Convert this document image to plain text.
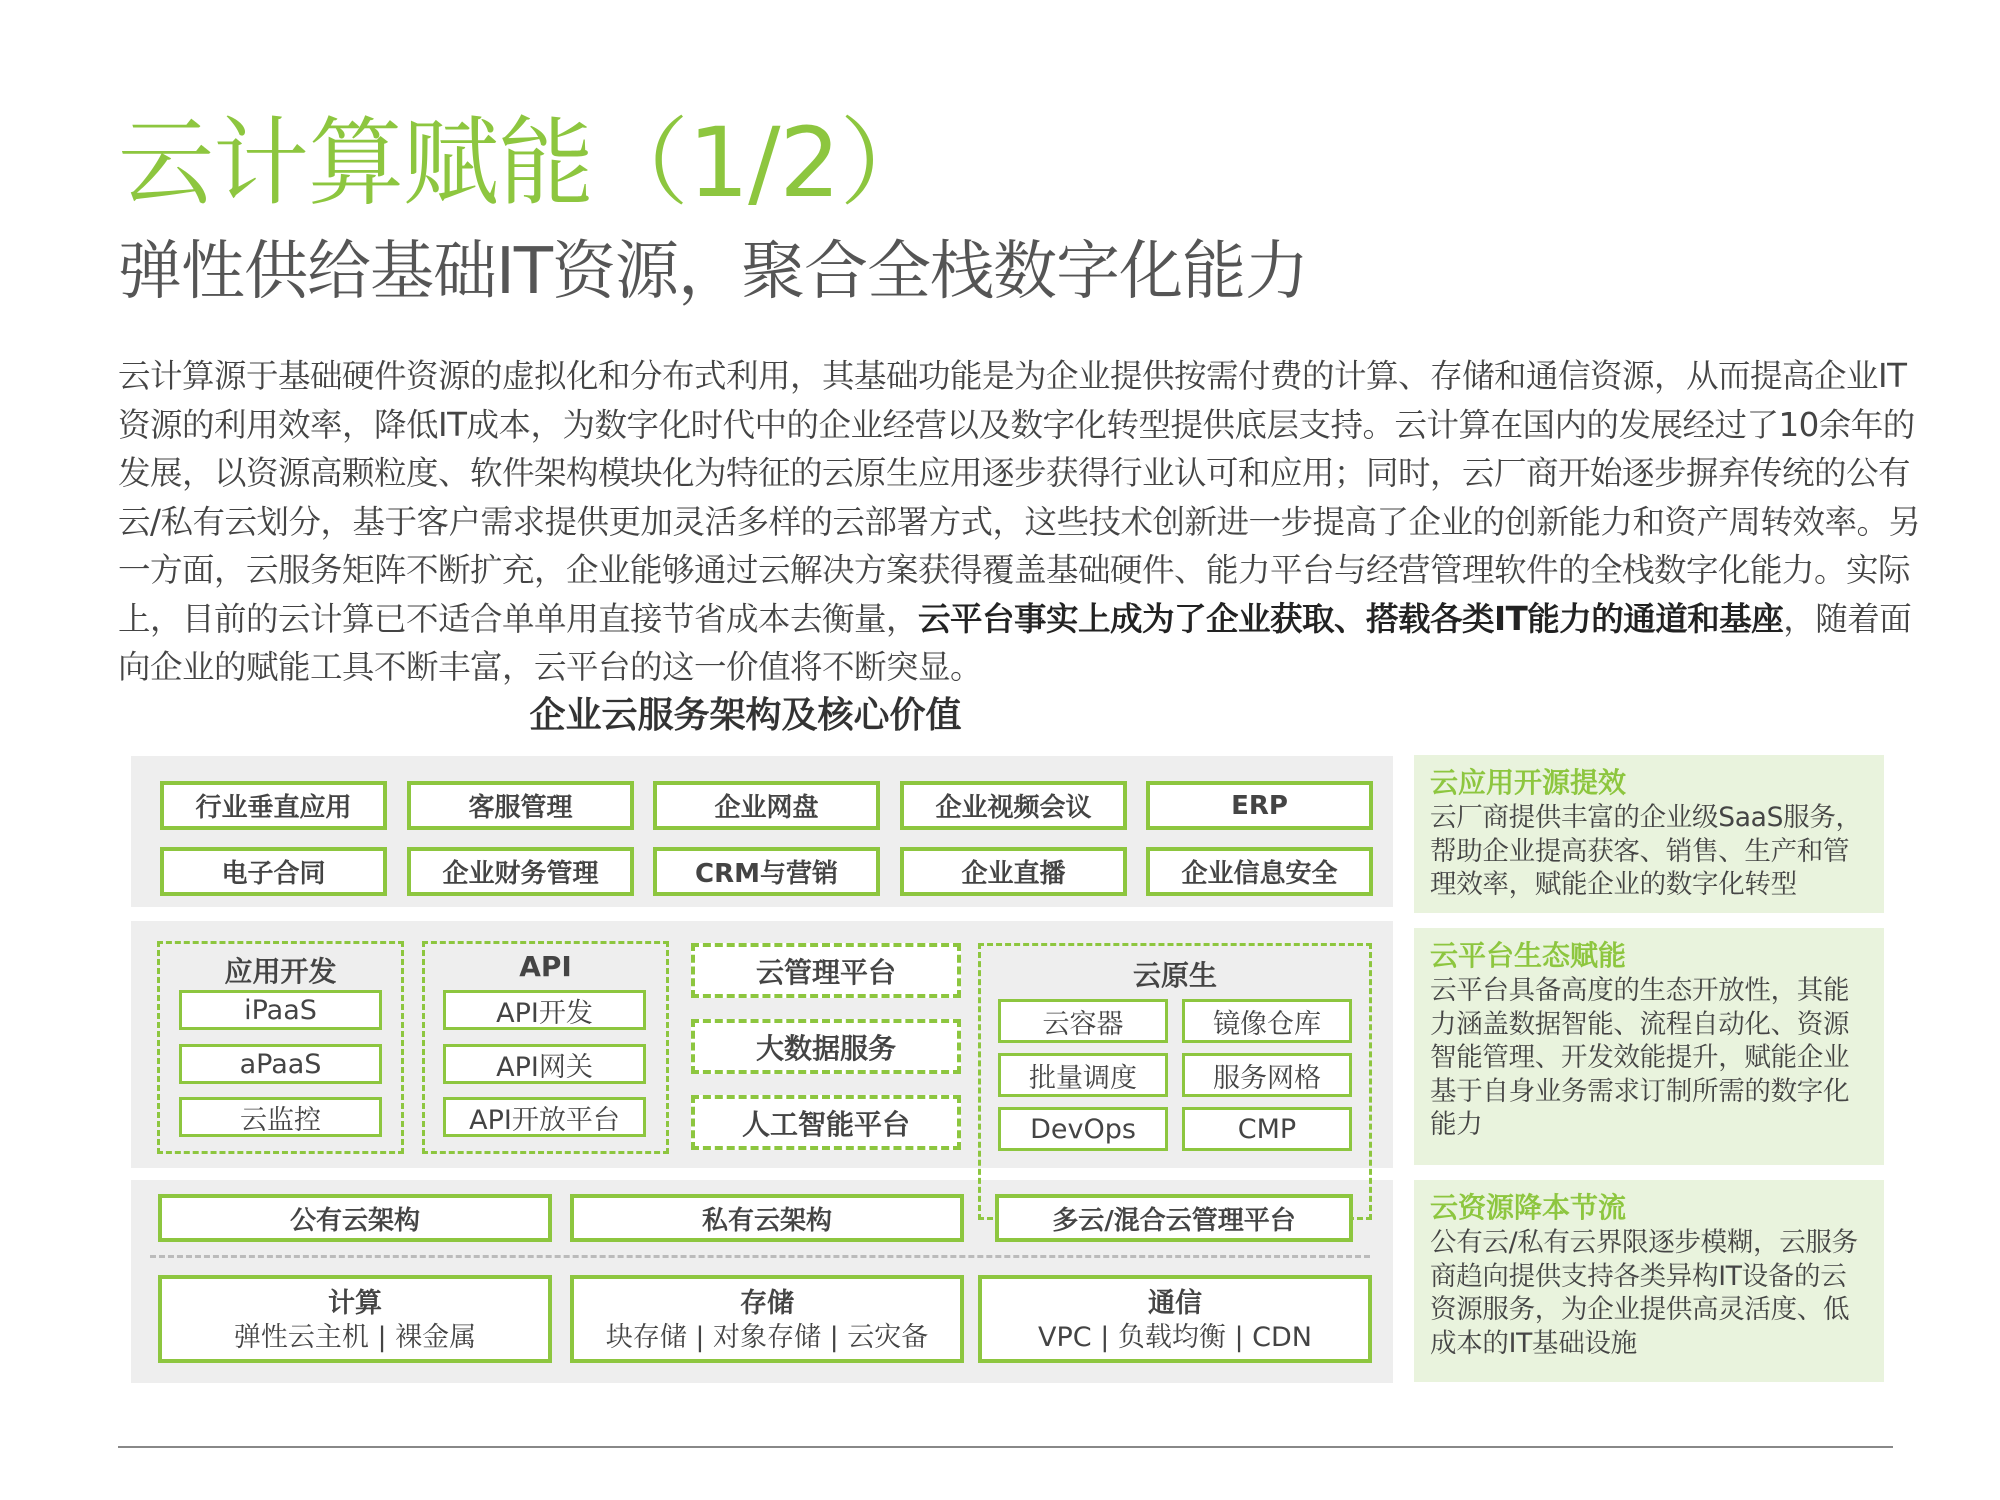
云计算赋能（1/2）
弹性供给基础IT资源，聚合全栈数字化能力
云计算源于基础硬件资源的虚拟化和分布式利用，其基础功能是为企业提供按需付费的计算、存储和通信资源，从而提高企业IT资源的利用效率，降低IT成本，为数字化时代中的企业经营以及数字化转型提供底层支持。云计算在国内的发展经过了10余年的发展，以资源高颗粒度、软件架构模块化为特征的云原生应用逐步获得行业认可和应用；同时，云厂商开始逐步摒弃传统的公有云/私有云划分，基于客户需求提供更加灵活多样的云部署方式，这些技术创新进一步提高了企业的创新能力和资产周转效率。另一方面，云服务矩阵不断扩充，企业能够通过云解决方案获得覆盖基础硬件、能力平台与经营管理软件的全栈数字化能力。实际上，目前的云计算已不适合单单用直接节省成本去衡量，云平台事实上成为了企业获取、搭载各类IT能力的通道和基座，随着面向企业的赋能工具不断丰富，云平台的这一价值将不断突显。
企业云服务架构及核心价值
行业垂直应用	客服管理	企业网盘	企业视频会议	ERP
电子合同	企业财务管理	CRM与营销	企业直播	企业信息安全
应用开发
iPaaS
aPaaS
云监控
API
API开发
API网关
API开放平台
云管理平台
大数据服务
人工智能平台
云原生
云容器	镜像仓库
批量调度	服务网格
DevOps	CMP
公有云架构	私有云架构	多云/混合云管理平台
计算
弹性云主机 | 裸金属
存储
块存储 | 对象存储 | 云灾备
通信
VPC | 负载均衡 | CDN
云应用开源提效
云厂商提供丰富的企业级SaaS服务，帮助企业提高获客、销售、生产和管理效率，赋能企业的数字化转型
云平台生态赋能
云平台具备高度的生态开放性，其能力涵盖数据智能、流程自动化、资源智能管理、开发效能提升，赋能企业基于自身业务需求订制所需的数字化能力
云资源降本节流
公有云/私有云界限逐步模糊，云服务商趋向提供支持各类异构IT设备的云资源服务，为企业提供高灵活度、低成本的IT基础设施
